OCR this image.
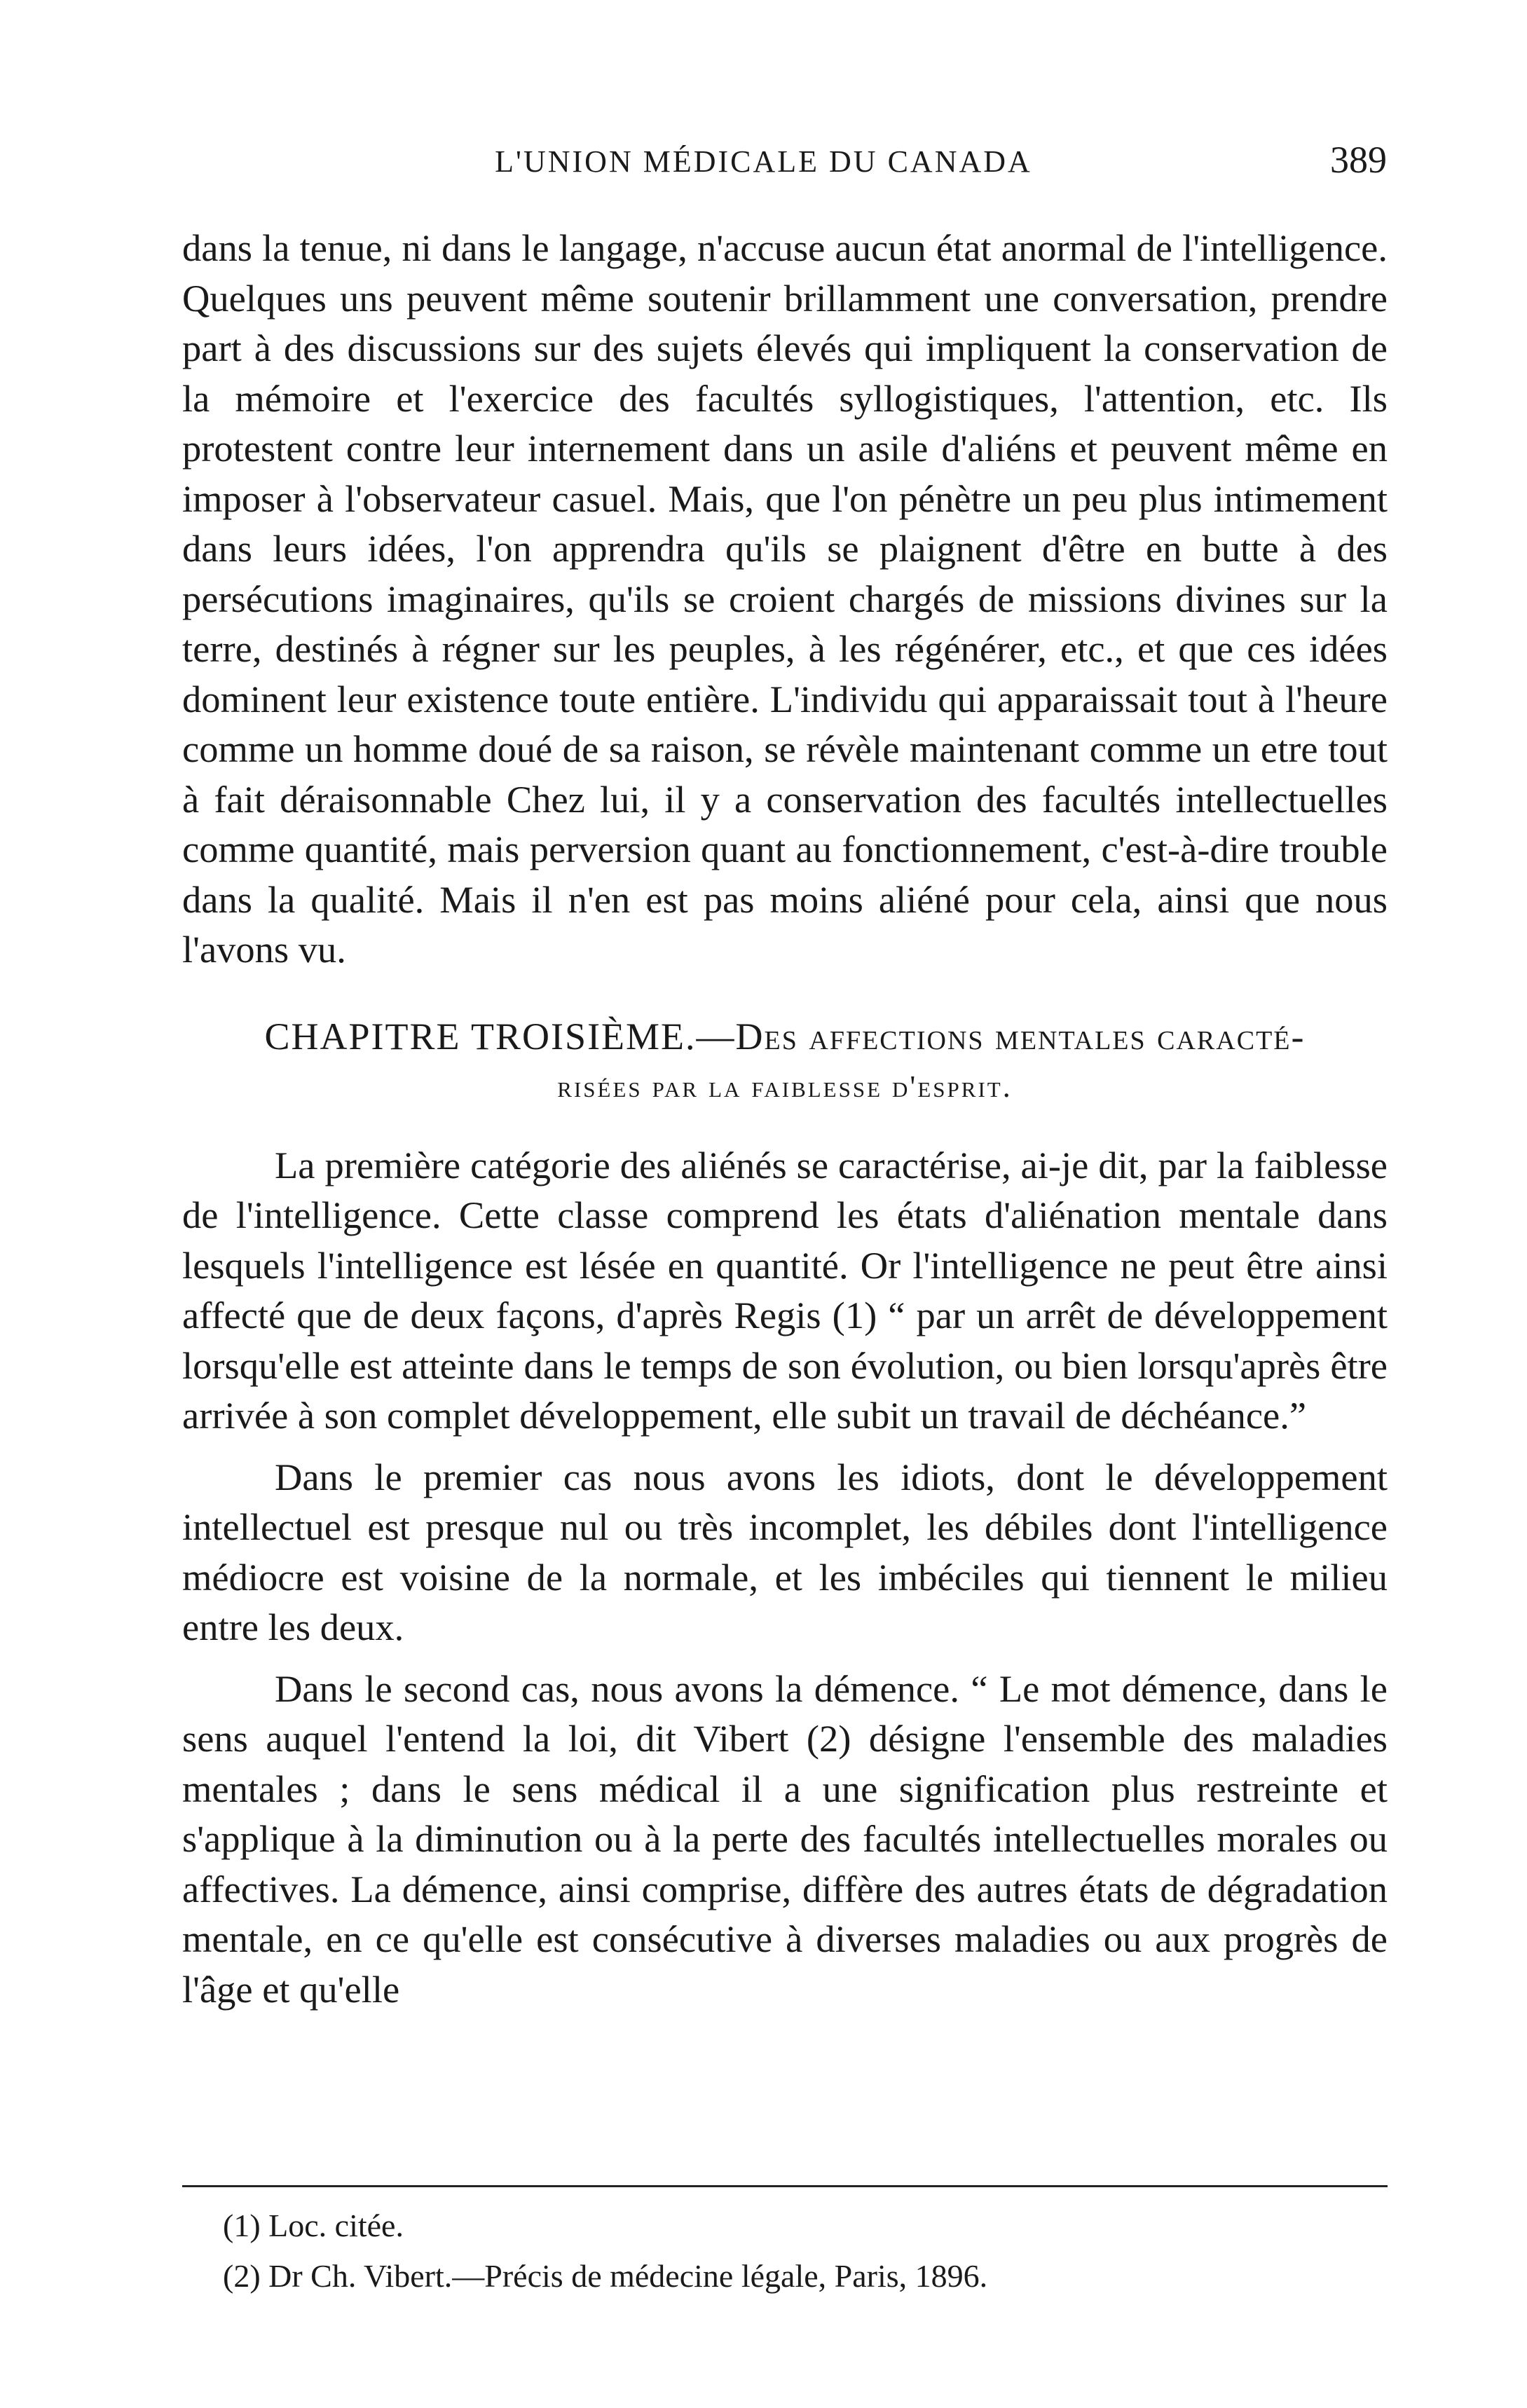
L'UNION MÉDICALE DU CANADA	389

dans la tenue, ni dans le langage, n'accuse aucun état anormal de l'intelligence. Quelques uns peuvent même soutenir brillamment une conversation, prendre part à des discussions sur des sujets élevés qui impliquent la conservation de la mémoire et l'exercice des facultés syllogistiques, l'attention, etc. Ils protestent contre leur internement dans un asile d'aliéns et peuvent même en imposer à l'observateur casuel. Mais, que l'on pénètre un peu plus intimement dans leurs idées, l'on apprendra qu'ils se plaignent d'être en butte à des persécutions imaginaires, qu'ils se croient chargés de missions divines sur la terre, destinés à régner sur les peuples, à les régénérer, etc., et que ces idées dominent leur existence toute entière. L'individu qui apparaissait tout à l'heure comme un homme doué de sa raison, se révèle maintenant comme un etre tout à fait déraisonnable Chez lui, il y a conservation des facultés intellectuelles comme quantité, mais perversion quant au fonctionnement, c'est-à-dire trouble dans la qualité. Mais il n'en est pas moins aliéné pour cela, ainsi que nous l'avons vu.

CHAPITRE TROISIÈME.—Des affections mentales caracté-
risées par la faiblesse d'esprit.

La première catégorie des aliénés se caractérise, ai-je dit, par la faiblesse de l'intelligence. Cette classe comprend les états d'aliénation mentale dans lesquels l'intelligence est lésée en quantité. Or l'intelligence ne peut être ainsi affecté que de deux façons, d'après Regis (1) “ par un arrêt de développement lorsqu'elle est atteinte dans le temps de son évolution, ou bien lorsqu'après être arrivée à son complet développement, elle subit un travail de déchéance.”

Dans le premier cas nous avons les idiots, dont le développement intellectuel est presque nul ou très incomplet, les débiles dont l'intelligence médiocre est voisine de la normale, et les imbéciles qui tiennent le milieu entre les deux.

Dans le second cas, nous avons la démence. “ Le mot démence, dans le sens auquel l'entend la loi, dit Vibert (2) désigne l'ensemble des maladies mentales ; dans le sens médical il a une signification plus restreinte et s'applique à la diminution ou à la perte des facultés intellectuelles morales ou affectives. La démence, ainsi comprise, diffère des autres états de dégradation mentale, en ce qu'elle est consécutive à diverses maladies ou aux progrès de l'âge et qu'elle

(1) Loc. citée.
(2) Dr Ch. Vibert.—Précis de médecine légale, Paris, 1896.
